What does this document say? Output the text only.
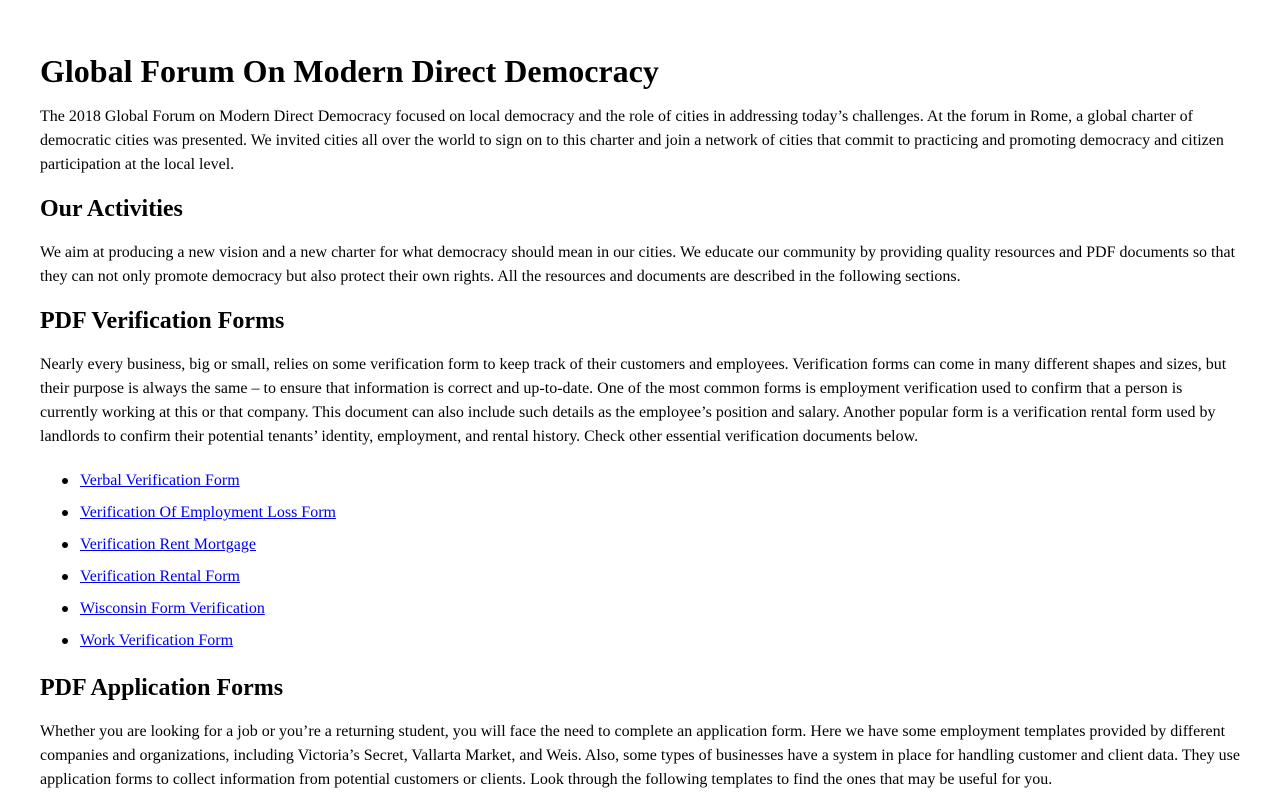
Global Forum On Modern Direct Democracy

The 2018 Global Forum on Modern Direct Democracy focused on local democracy and the role of cities in addressing today’s challenges. At the forum in Rome, a global charter of democratic cities was presented. We invited cities all over the world to sign on to this charter and join a network of cities that commit to practicing and promoting democracy and citizen participation at the local level.

Our Activities

We aim at producing a new vision and a new charter for what democracy should mean in our cities. We educate our community by providing quality resources and PDF documents so that they can not only promote democracy but also protect their own rights. All the resources and documents are described in the following sections.

PDF Verification Forms

Nearly every business, big or small, relies on some verification form to keep track of their customers and employees. Verification forms can come in many different shapes and sizes, but their purpose is always the same – to ensure that information is correct and up-to-date. One of the most common forms is employment verification used to confirm that a person is currently working at this or that company. This document can also include such details as the employee’s position and salary. Another popular form is a verification rental form used by landlords to confirm their potential tenants’ identity, employment, and rental history. Check other essential verification documents below.

Verbal Verification Form
Verification Of Employment Loss Form
Verification Rent Mortgage
Verification Rental Form
Wisconsin Form Verification
Work Verification Form
PDF Application Forms

Whether you are looking for a job or you’re a returning student, you will face the need to complete an application form. Here we have some employment templates provided by different companies and organizations, including Victoria’s Secret, Vallarta Market, and Weis. Also, some types of businesses have a system in place for handling customer and client data. They use application forms to collect information from potential customers or clients. Look through the following templates to find the ones that may be useful for you.
